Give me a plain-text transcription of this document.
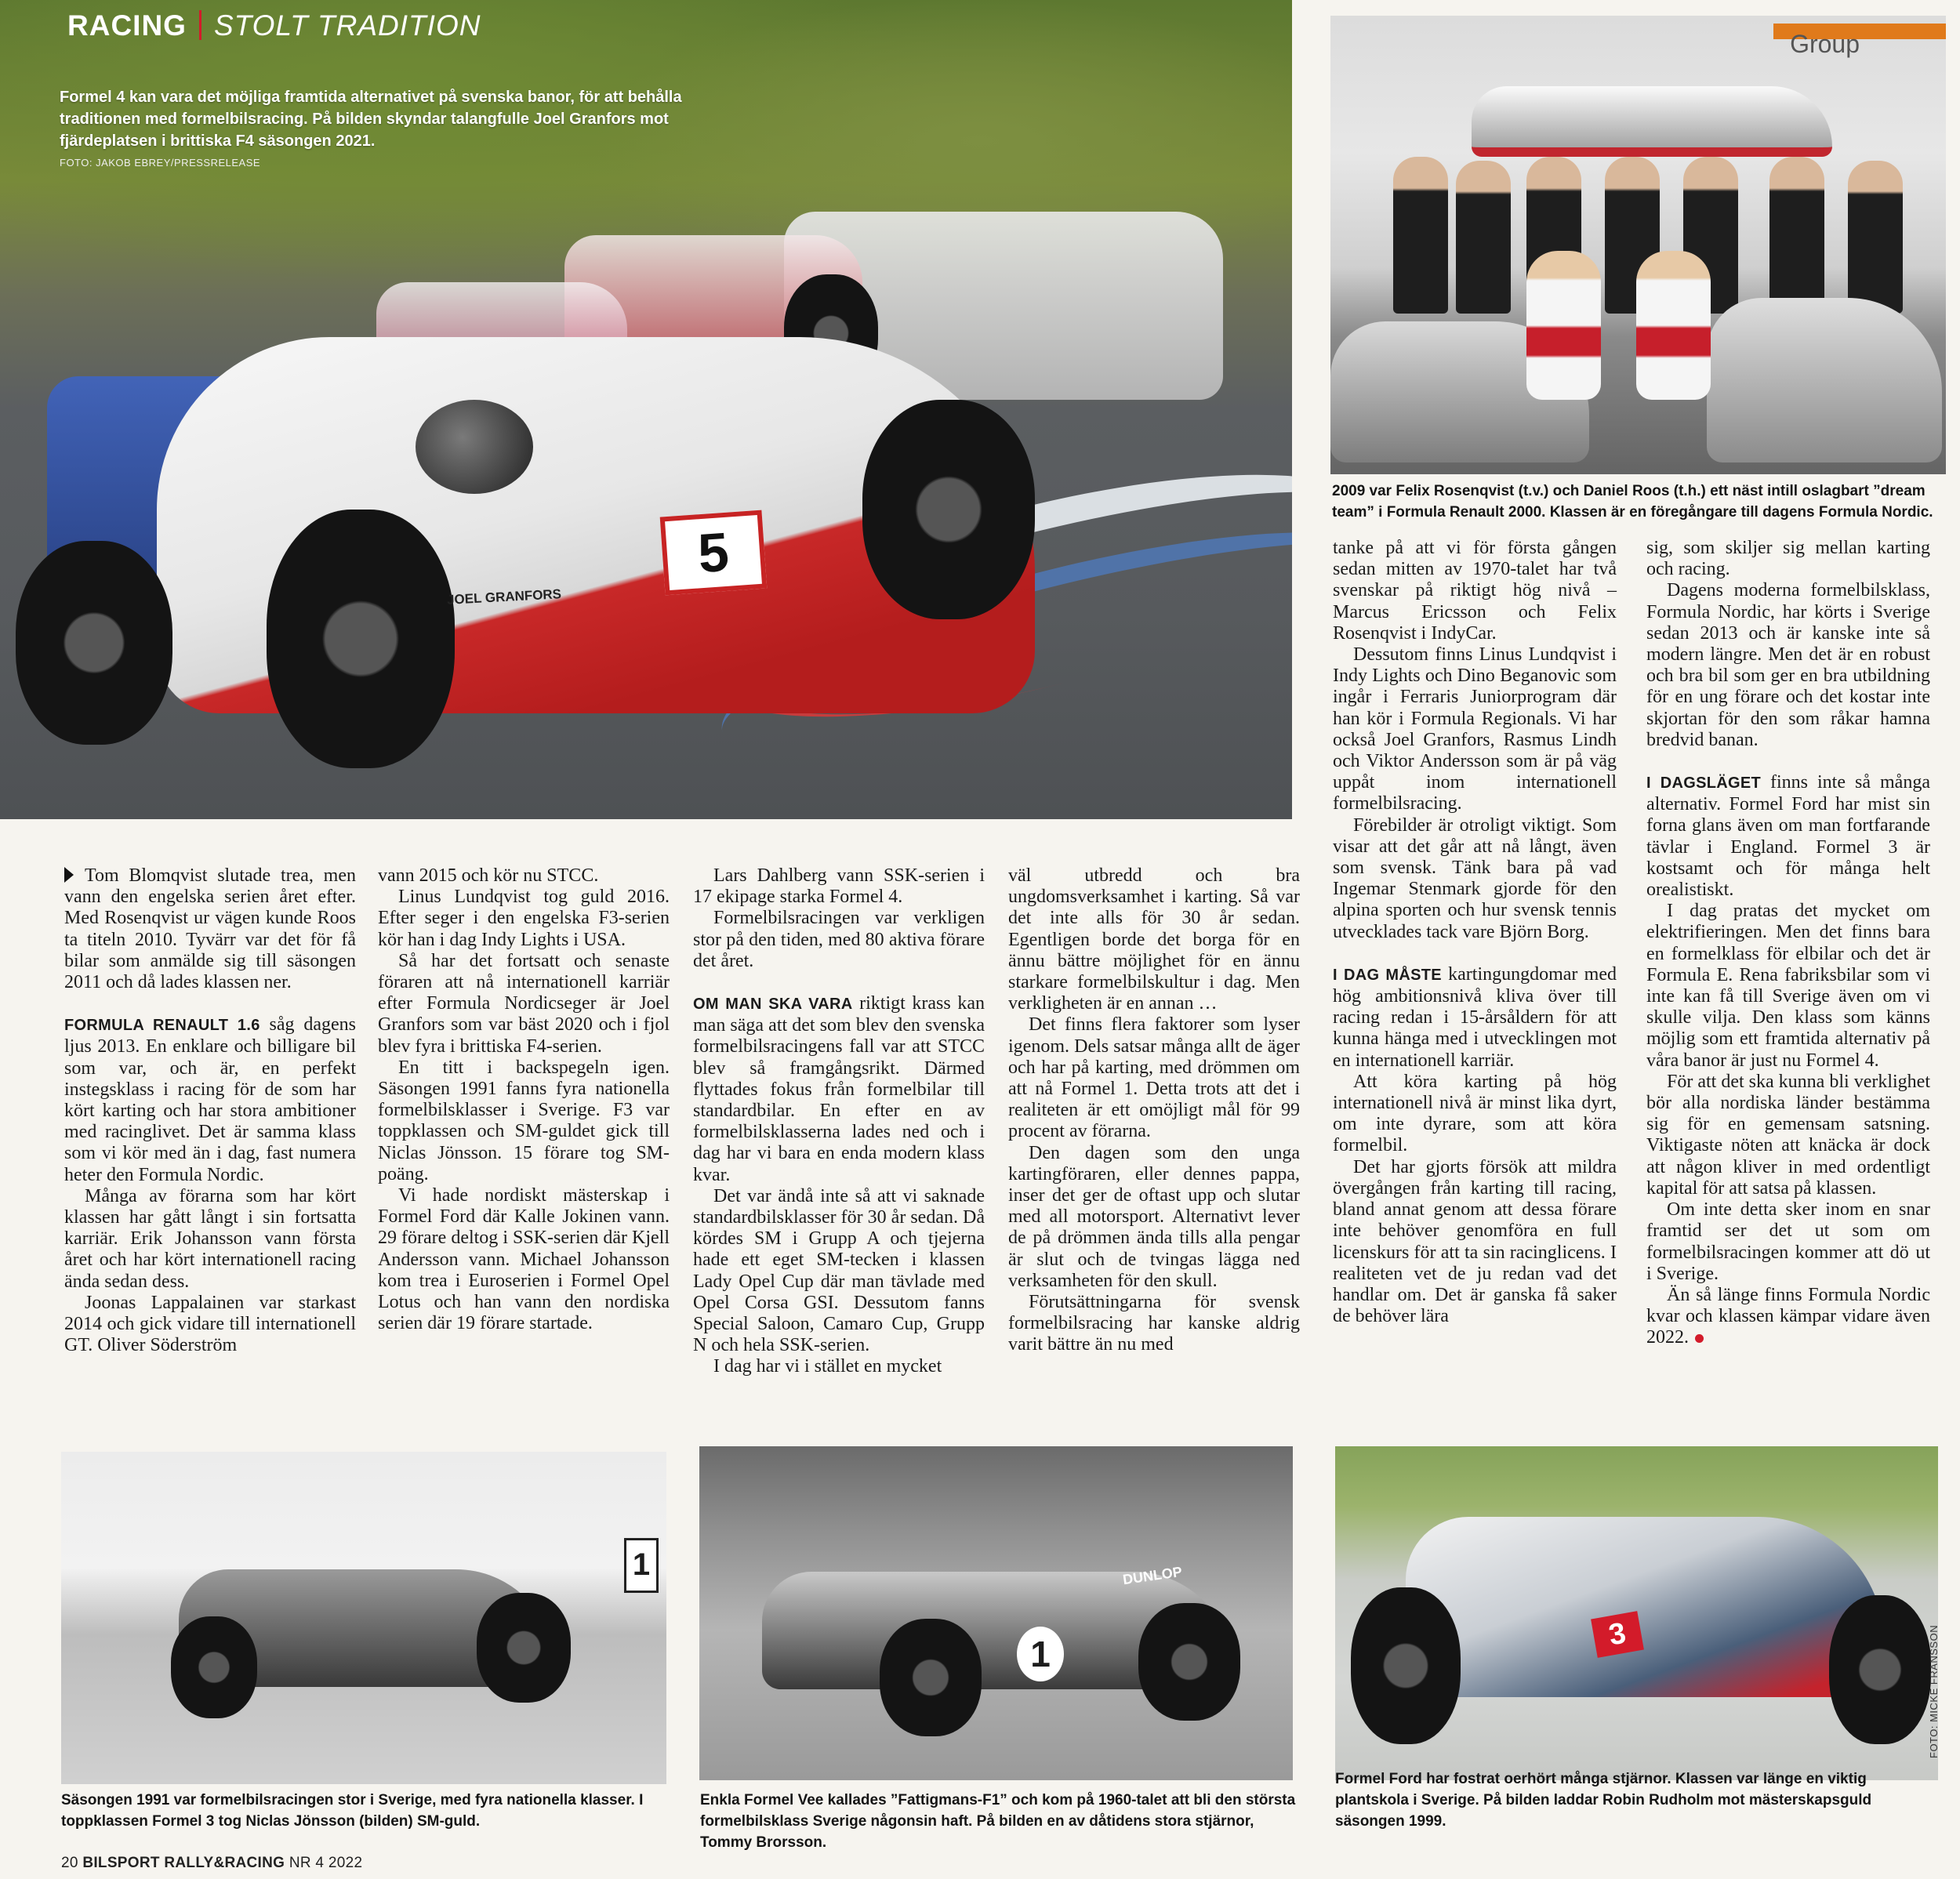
5
JOEL GRANFORS
RACING STOLT TRADITION
Formel 4 kan vara det möjliga framtida alternativet på svenska banor, för att behålla traditionen med formelbilsracing. På bilden skyndar talangfulle Joel Granfors mot fjärdeplatsen i brittiska F4 säsongen 2021.
FOTO: JAKOB EBREY/PRESSRELEASE
Group
2009 var Felix Rosenqvist (t.v.) och Daniel Roos (t.h.) ett näst intill oslagbart ”dream team” i Formula Renault 2000. Klassen är en föregångare till dagens Formula Nordic.

Tom Blomqvist slutade trea, men vann den engelska serien året efter. Med Rosenqvist ur vägen kunde Roos ta titeln 2010. Tyvärr var det för få bilar som anmälde sig till säsongen 2011 och då lades klassen ner.

FORMULA RENAULT 1.6 såg dagens ljus 2013. En enklare och billigare bil som var, och är, en perfekt instegsklass i racing för de som har kört karting och har stora ambitioner med racinglivet. Det är samma klass som vi kör med än i dag, fast numera heter den Formula Nordic.

Många av förarna som har kört klassen har gått långt i sin fortsatta karriär. Erik Johansson vann första året och har kört internationell racing ända sedan dess.

Joonas Lappalainen var starkast 2014 och gick vidare till internationell GT. Oliver Söderström

vann 2015 och kör nu STCC.

Linus Lundqvist tog guld 2016. Efter seger i den engelska F3-serien kör han i dag Indy Lights i USA.

Så har det fortsatt och senaste föraren att nå internationell karriär efter Formula Nordicseger är Joel Granfors som var bäst 2020 och i fjol blev fyra i brittiska F4-serien.

En titt i backspegeln igen. Säsongen 1991 fanns fyra nationella formelbilsklasser i Sverige. F3 var toppklassen och SM-guldet gick till Niclas Jönsson. 15 förare tog SM-poäng.

Vi hade nordiskt mästerskap i Formel Ford där Kalle Jokinen vann. 29 förare deltog i SSK-serien där Kjell Andersson vann. Michael Johansson kom trea i Euroserien i Formel Opel Lotus och han vann den nordiska serien där 19 förare startade.

Lars Dahlberg vann SSK-serien i 17 ekipage starka Formel 4.

Formelbilsracingen var verkligen stor på den tiden, med 80 aktiva förare det året.

OM MAN SKA VARA riktigt krass kan man säga att det som blev den svenska formelbilsracingens fall var att STCC blev så framgångsrikt. Därmed flyttades fokus från formelbilar till standardbilar. En efter en av formelbilsklasserna lades ned och i dag har vi bara en enda modern klass kvar.

Det var ändå inte så att vi saknade standardbilsklasser för 30 år sedan. Då kördes SM i Grupp A och tjejerna hade ett eget SM-tecken i klassen Lady Opel Cup där man tävlade med Opel Corsa GSI. Dessutom fanns Special Saloon, Camaro Cup, Grupp N och hela SSK-serien.

I dag har vi i stället en mycket

väl utbredd och bra ungdomsverksamhet i karting. Så var det inte alls för 30 år sedan. Egentligen borde det borga för en ännu bättre möjlighet för en ännu starkare formelbilskultur i dag. Men verkligheten är en annan …

Det finns flera faktorer som lyser igenom. Dels satsar många allt de äger och har på karting, med drömmen om att nå Formel 1. Detta trots att det i realiteten är ett omöjligt mål för 99 procent av förarna.

Den dagen som den unga kartingföraren, eller dennes pappa, inser det ger de oftast upp och slutar med all motorsport. Alternativt lever de på drömmen ända tills alla pengar är slut och de tvingas lägga ned verksamheten för den skull.

Förutsättningarna för svensk formelbilsracing har kanske aldrig varit bättre än nu med

tanke på att vi för första gången sedan mitten av 1970-talet har två svenskar på riktigt hög nivå – Marcus Ericsson och Felix Rosenqvist i IndyCar.

Dessutom finns Linus Lundqvist i Indy Lights och Dino Beganovic som ingår i Ferraris Juniorprogram där han kör i Formula Regionals. Vi har också Joel Granfors, Rasmus Lindh och Viktor Andersson som är på väg uppåt inom internationell formelbilsracing.

Förebilder är otroligt viktigt. Som visar att det går att nå långt, även som svensk. Tänk bara på vad Ingemar Stenmark gjorde för den alpina sporten och hur svensk tennis utvecklades tack vare Björn Borg.

I DAG MÅSTE kartingungdomar med hög ambitionsnivå kliva över till racing redan i 15-årsåldern för att kunna hänga med i utvecklingen mot en internationell karriär.

Att köra karting på hög internationell nivå är minst lika dyrt, om inte dyrare, som att köra formelbil.

Det har gjorts försök att mildra övergången från karting till racing, bland annat genom att dessa förare inte behöver genomföra en full licenskurs för att ta sin racinglicens. I realiteten vet de ju redan vad det handlar om. Det är ganska få saker de behöver lära

sig, som skiljer sig mellan karting och racing.

Dagens moderna formelbilsklass, Formula Nordic, har körts i Sverige sedan 2013 och är kanske inte så modern längre. Men det är en robust och bra bil som ger en bra utbildning för en ung förare och det kostar inte skjortan för den som råkar hamna bredvid banan.

I DAGSLÄGET finns inte så många alternativ. Formel Ford har mist sin forna glans även om man fortfarande tävlar i England. Formel 3 är kostsamt och för många helt orealistiskt.

I dag pratas det mycket om elektrifieringen. Men det finns bara en formelklass för elbilar och det är Formula E. Rena fabriksbilar som vi inte kan få till Sverige även om vi skulle vilja. Den klass som känns möjlig som ett framtida alternativ på våra banor är just nu Formel 4.

För att det ska kunna bli verklighet bör alla nordiska länder bestämma sig för en gemensam satsning. Viktigaste nöten att knäcka är dock att någon kliver in med ordentligt kapital för att satsa på klassen.

Om inte detta sker inom en snar framtid ser det ut som om formelbilsracingen kommer att dö ut i Sverige.

Än så länge finns Formula Nordic kvar och klassen kämpar vidare även 2022.

1
Säsongen 1991 var formelbilsracingen stor i Sverige, med fyra nationella klasser. I toppklassen Formel 3 tog Niclas Jönsson (bilden) SM-guld.
1
DUNLOP
Enkla Formel Vee kallades ”Fattigmans-F1” och kom på 1960-talet att bli den största formelbilsklass Sverige någonsin haft. På bilden en av dåtidens stora stjärnor, Tommy Brorsson.
3
Formel Ford har fostrat oerhört många stjärnor. Klassen var länge en viktig plantskola i Sverige. På bilden laddar Robin Rudholm mot mästerskapsguld säsongen 1999.
FOTO: MICKE FRANSSON
20 BILSPORT RALLY&RACING NR 4 2022
